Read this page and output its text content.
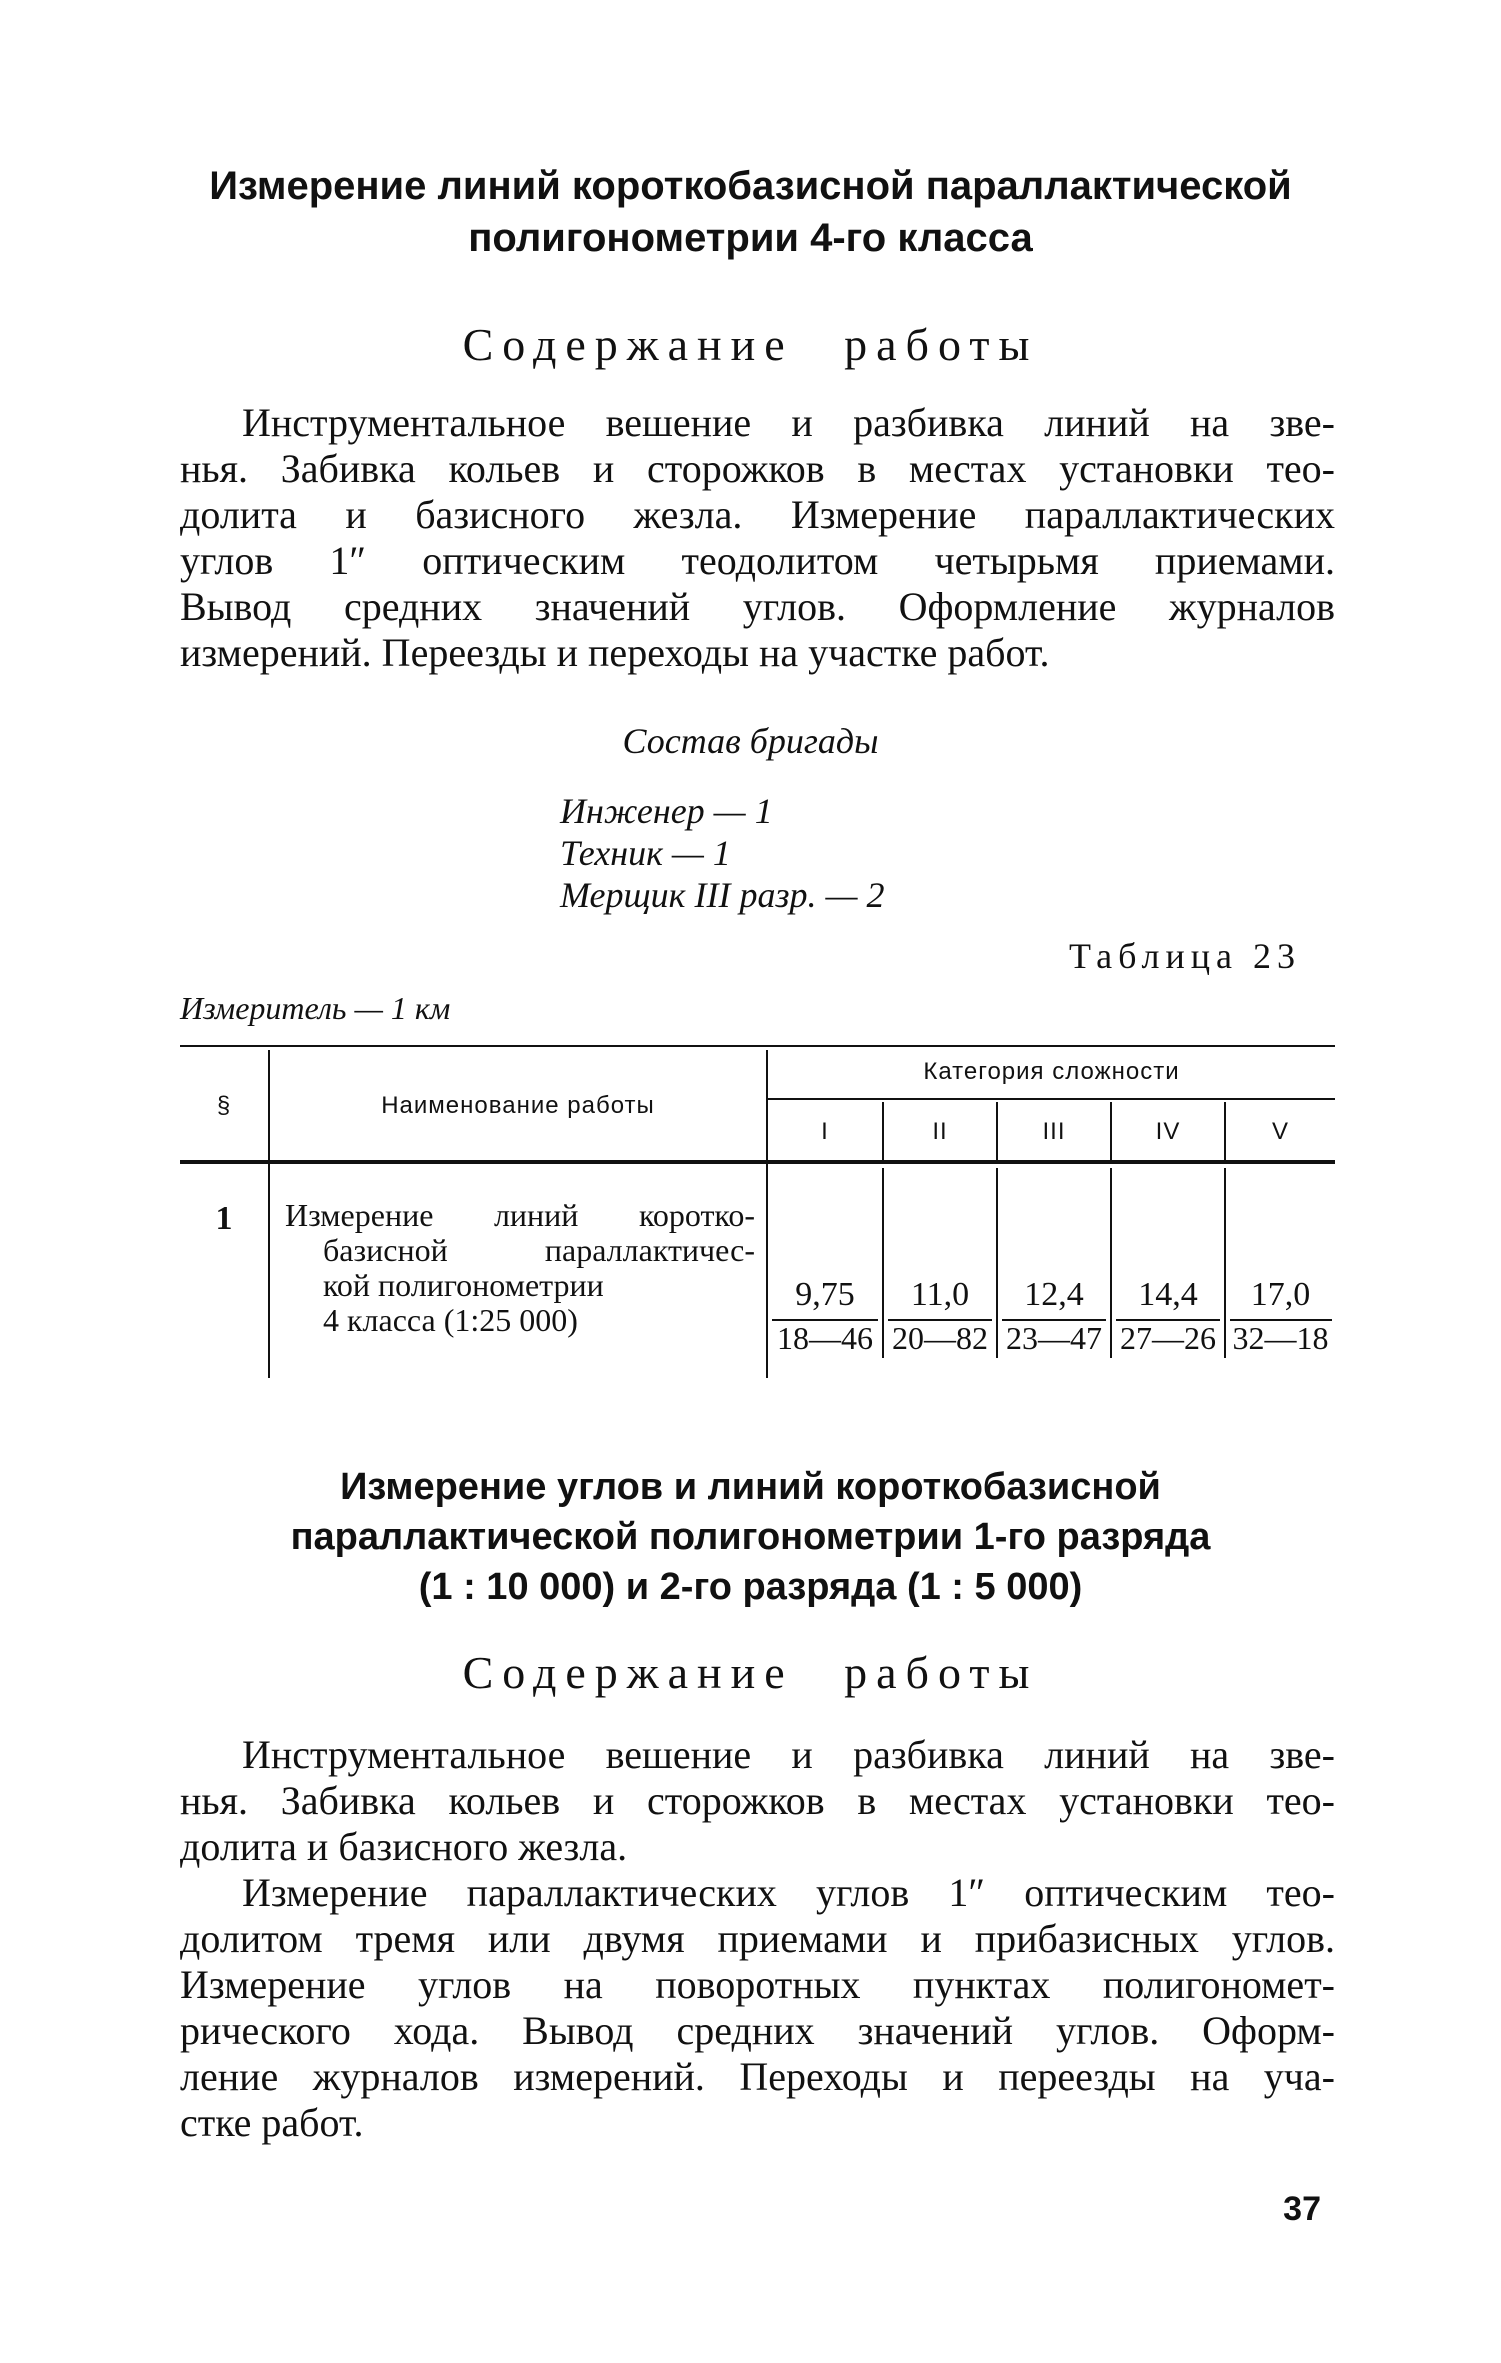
Измерение линий короткобазисной параллактической
полигонометрии 4-го класса
Содержание работы
Инструментальное вешение и разбивка линий на зве-
нья. Забивка кольев и сторожков в местах установки тео-
долита и базисного жезла. Измерение параллактических
углов 1″ оптическим теодолитом четырьмя приемами.
Вывод средних значений углов. Оформление журналов
измерений. Переезды и переходы на участке работ.
Состав бригады
Инженер — 1
Техник — 1
Мерщик III разр. — 2
Таблица 23
Измеритель — 1 км
§	Наименование работы
Категория сложности
I	II	III	IV	V
1	Измерение линий коротко-
базисной параллактичес-
кой полигонометрии
4 класса (1:25 000)
9,75	11,0	12,4	14,4	17,0
18—46 20—82 23—47 27—26 32—18
Измерение углов и линий короткобазисной
параллактической полигонометрии 1-го разряда
(1 : 10 000) и 2-го разряда (1 : 5 000)
Содержание работы
Инструментальное вешение и разбивка линий на зве-
нья. Забивка кольев и сторожков в местах установки тео-
долита и базисного жезла.
Измерение параллактических углов 1″ оптическим тео-
долитом тремя или двумя приемами и прибазисных углов.
Измерение углов на поворотных пунктах полигономет-
рического хода. Вывод средних значений углов. Оформ-
ление журналов измерений. Переходы и переезды на уча-
стке работ.
37
